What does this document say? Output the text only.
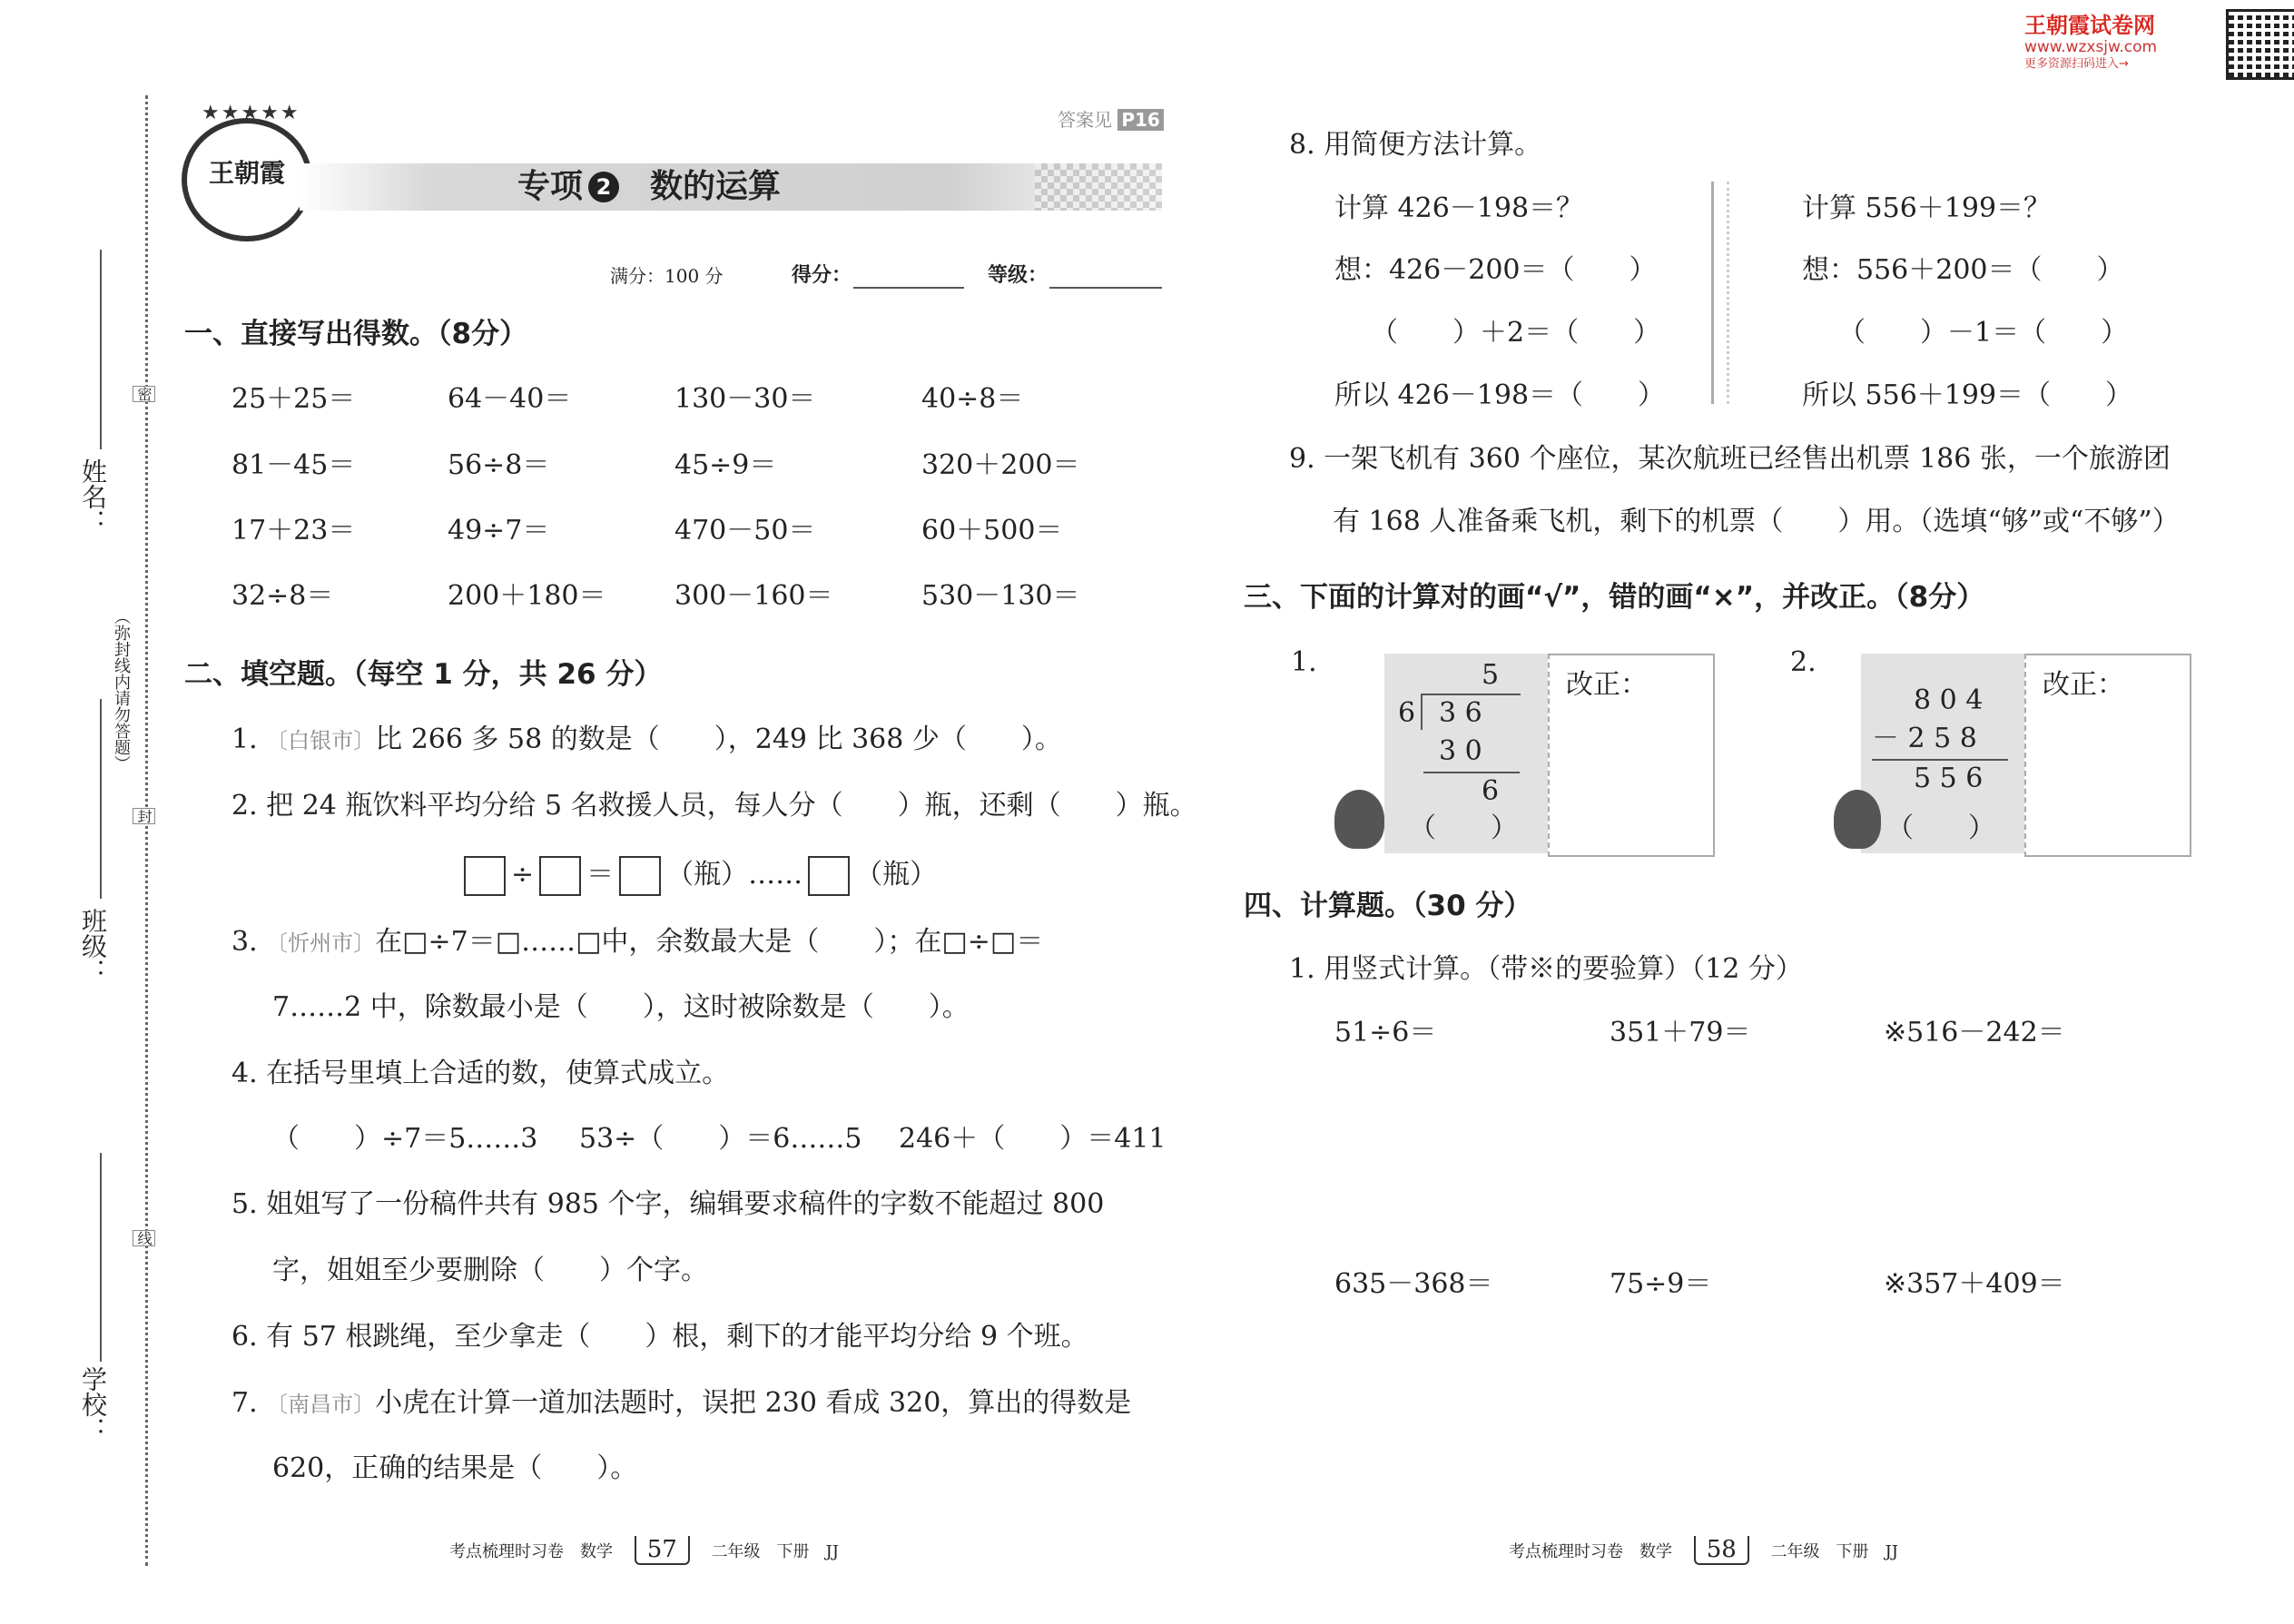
王朝霞试卷网
www.wzxsjw.com
更多资源扫码进入→
姓名：
班级：
学校：
（弥封线内请勿答题）
密
封
线
王朝霞
★★★★★	答案见 P16
专项 2 数的运算
满分：100 分	得分：	等级：
一、直接写出得数。（8分）
25＋25＝	64－40＝	130－30＝	40÷8＝
81－45＝	56÷8＝	45÷9＝	320＋200＝
17＋23＝	49÷7＝	470－50＝	60＋500＝
32÷8＝	200＋180＝	300－160＝	530－130＝
二、填空题。（每空 1 分，共 26 分）
1. 〔白银市〕比 266 多 58 的数是（　　），249 比 368 少（　　）。
2. 把 24 瓶饮料平均分给 5 名救援人员，每人分（　　）瓶，还剩（　　）瓶。
÷ ＝ （瓶）…… （瓶）
3. 〔忻州市〕在□÷7＝□……□中，余数最大是（　　）；在□÷□＝
7……2 中，除数最小是（　　），这时被除数是（　　）。
4. 在括号里填上合适的数，使算式成立。
（　　）÷7＝5……3 53÷（　　）＝6……5 246＋（　　）＝411
5. 姐姐写了一份稿件共有 985 个字，编辑要求稿件的字数不能超过 800
字，姐姐至少要删除（　　）个字。
6. 有 57 根跳绳，至少拿走（　　）根，剩下的才能平均分给 9 个班。
7. 〔南昌市〕小虎在计算一道加法题时，误把 230 看成 320，算出的得数是
620，正确的结果是（　　）。
8. 用简便方法计算。
计算 426－198＝？
想：426－200＝（　　）
（　　）＋2＝（　　）
所以 426－198＝（　　）
计算 556＋199＝？
想：556＋200＝（　　）
（　　）－1＝（　　）
所以 556＋199＝（　　）
9. 一架飞机有 360 个座位，某次航班已经售出机票 186 张，一个旅游团
有 168 人准备乘飞机，剩下的机票（　　）用。（选填“够”或“不够”）
三、下面的计算对的画“√”，错的画“×”，并改正。（8分）
1.	5
6 3 6
3 0
6
（　　）
改正：
2.
8 0 4
－ 2 5 8
5 5 6
（　　）
改正：
四、计算题。（30 分）
1. 用竖式计算。（带※的要验算）（12 分）
51÷6＝	351＋79＝	※516－242＝
635－368＝	75÷9＝	※357＋409＝
考点梳理时习卷　数学 57 二年级　下册　JJ	考点梳理时习卷　数学 58 二年级　下册　JJ
